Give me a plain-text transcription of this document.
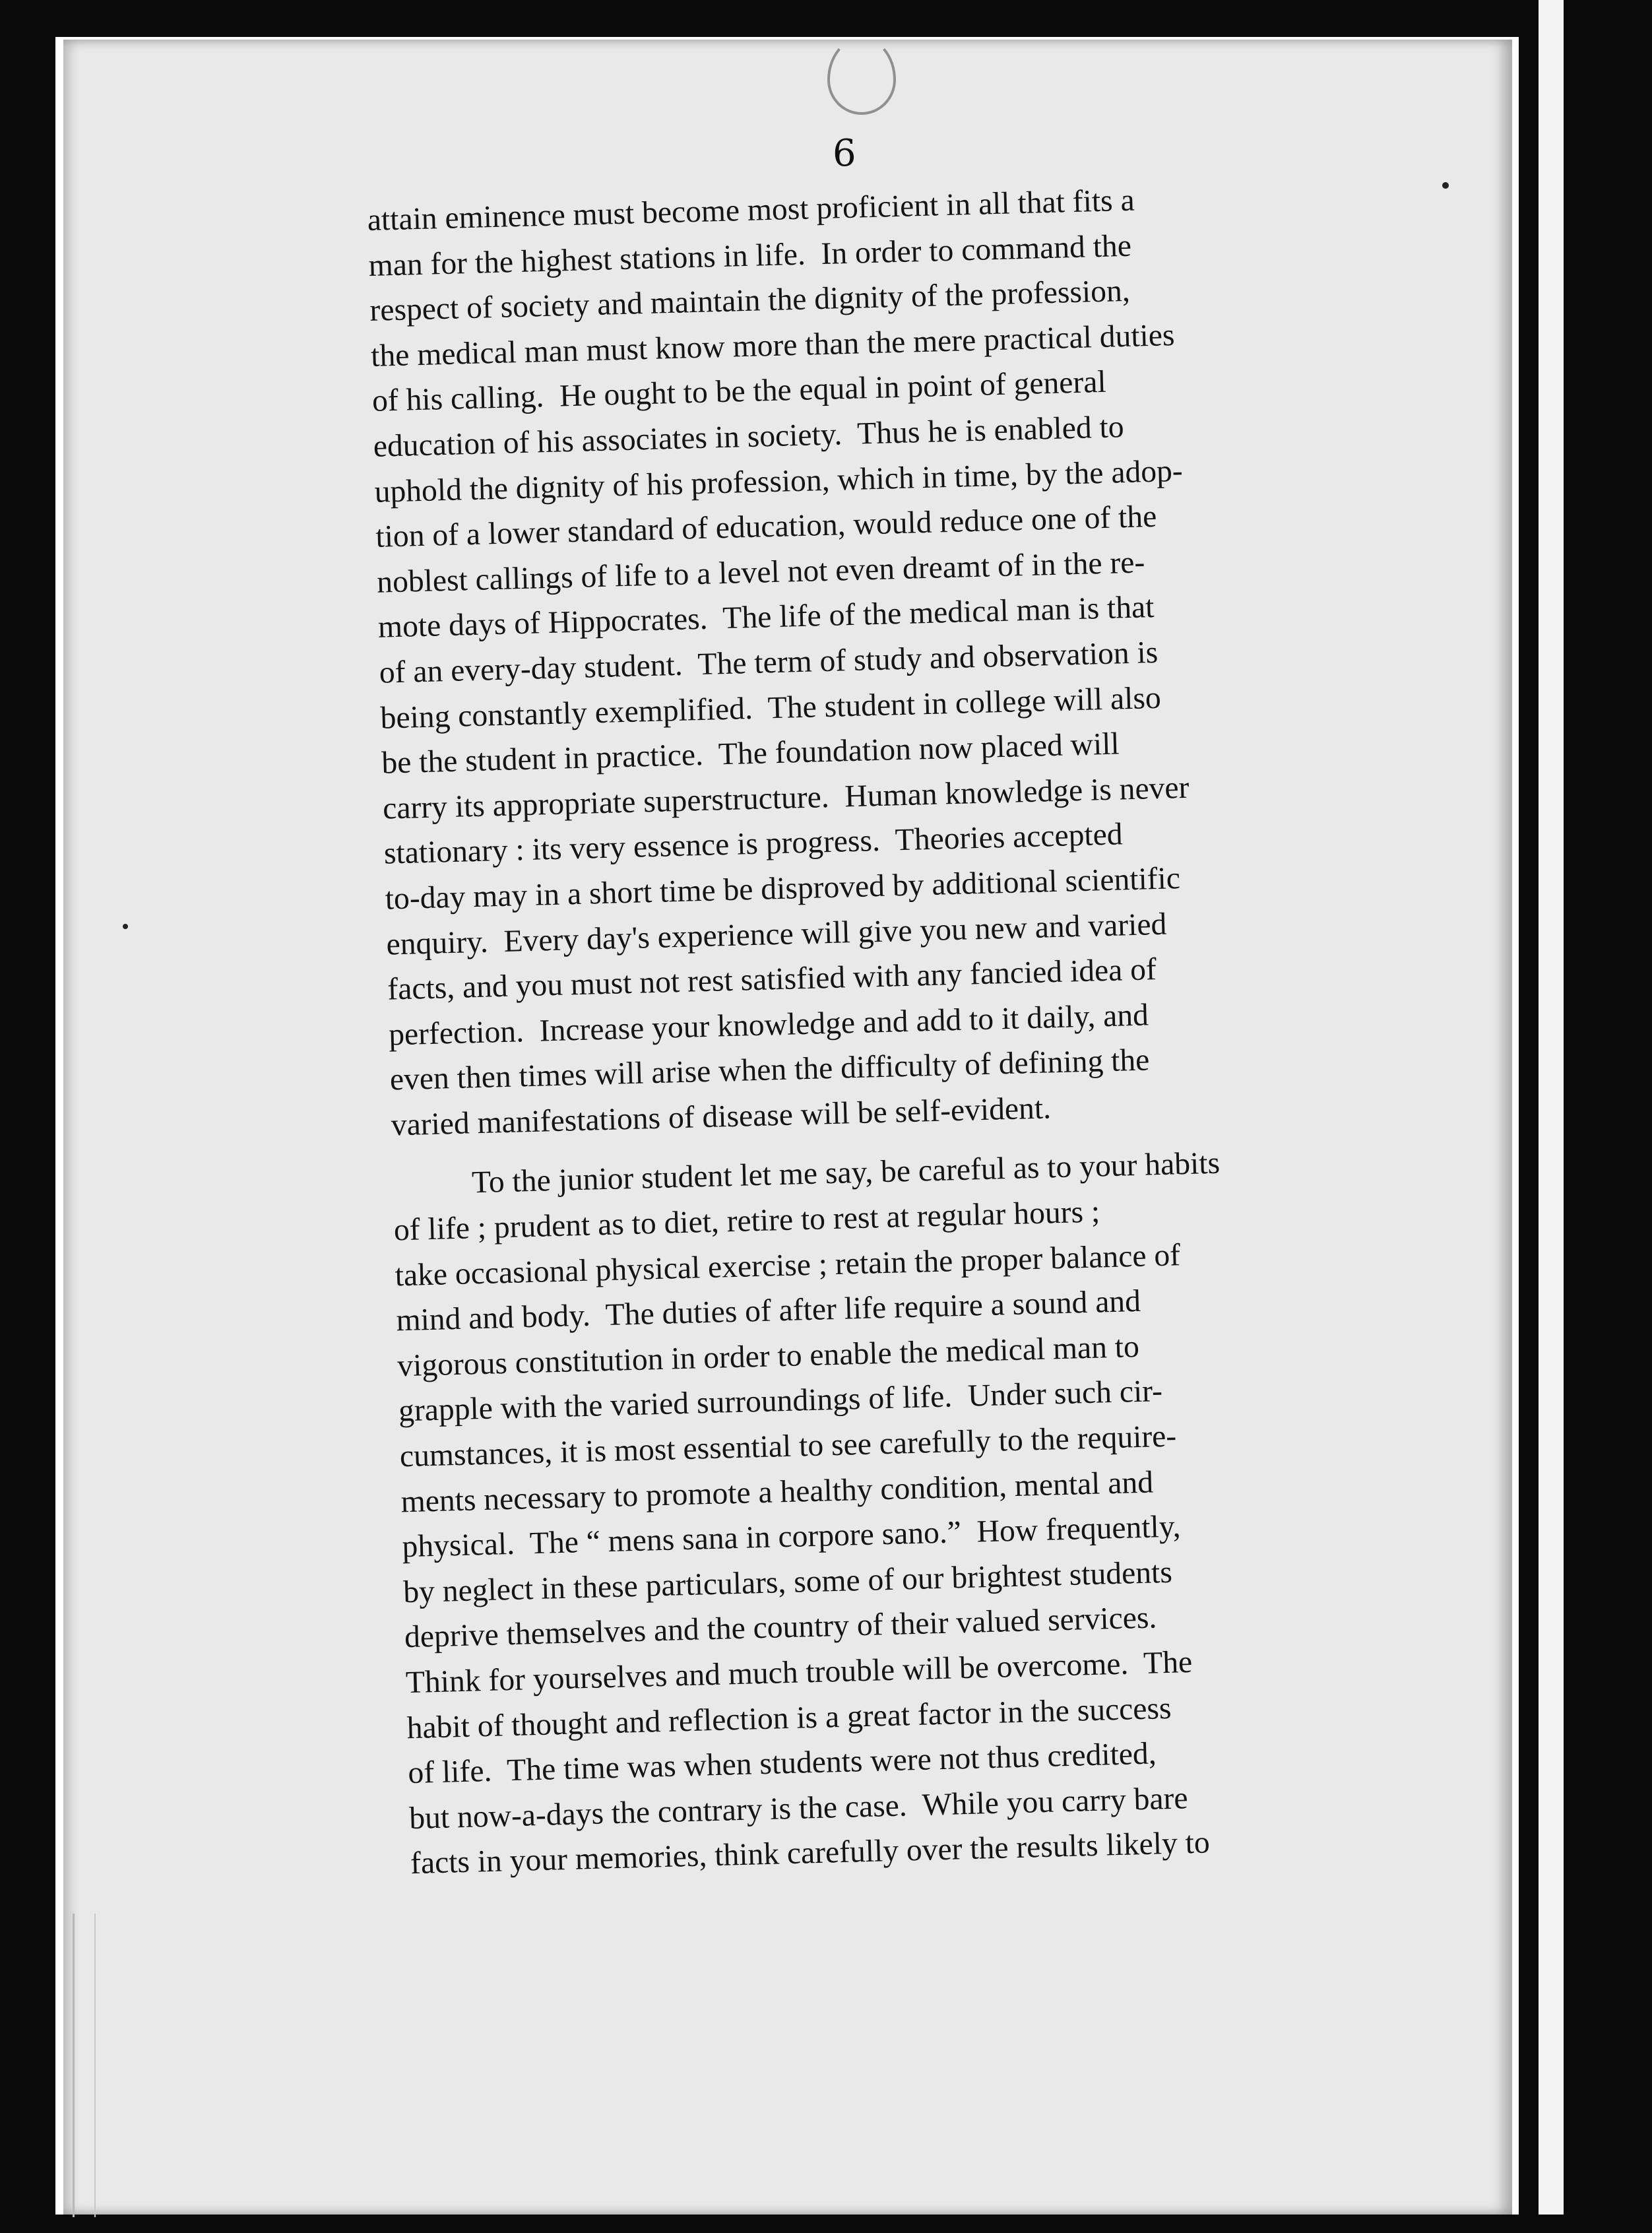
6

attain eminence must become most proficient in all that fits a

man for the highest stations in life.  In order to command the

respect of society and maintain the dignity of the profession,

the medical man must know more than the mere practical duties

of his calling.  He ought to be the equal in point of general

education of his associates in society.  Thus he is enabled to

uphold the dignity of his profession, which in time, by the adop-

tion of a lower standard of education, would reduce one of the

noblest callings of life to a level not even dreamt of in the re-

mote days of Hippocrates.  The life of the medical man is that

of an every-day student.  The term of study and observation is

being constantly exemplified.  The student in college will also

be the student in practice.  The foundation now placed will

carry its appropriate superstructure.  Human knowledge is never

stationary : its very essence is progress.  Theories accepted

to-day may in a short time be disproved by additional scientific

enquiry.  Every day's experience will give you new and varied

facts, and you must not rest satisfied with any fancied idea of

perfection.  Increase your knowledge and add to it daily, and

even then times will arise when the difficulty of defining the

varied manifestations of disease will be self-evident.

To the junior student let me say, be careful as to your habits

of life ; prudent as to diet, retire to rest at regular hours ;

take occasional physical exercise ; retain the proper balance of

mind and body.  The duties of after life require a sound and

vigorous constitution in order to enable the medical man to

grapple with the varied surroundings of life.  Under such cir-

cumstances, it is most essential to see carefully to the require-

ments necessary to promote a healthy condition, mental and

physical.  The “ mens sana in corpore sano.”  How frequently,

by neglect in these particulars, some of our brightest students

deprive themselves and the country of their valued services.

Think for yourselves and much trouble will be overcome.  The

habit of thought and reflection is a great factor in the success

of life.  The time was when students were not thus credited,

but now-a-days the contrary is the case.  While you carry bare

facts in your memories, think carefully over the results likely to
